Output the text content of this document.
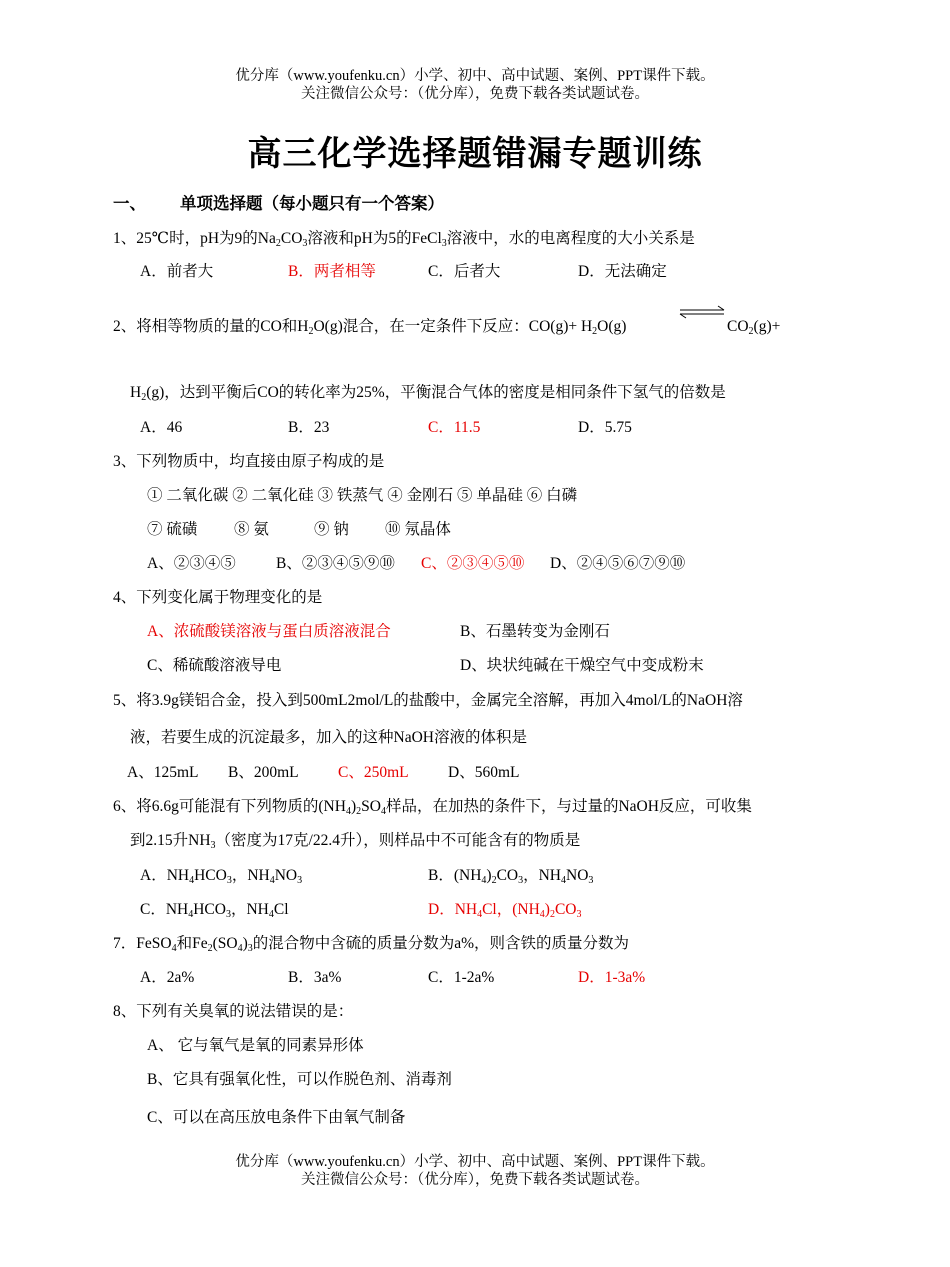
优分库（www.youfenku.cn）小学、初中、高中试题、案例、PPT课件下载。
关注微信公众号：（优分库），免费下载各类试题试卷。
高三化学选择题错漏专题训练
一、 单项选择题（每小题只有一个答案）
1、25℃时，pH为9的$Na_2CO_3$溶液和pH为5的FeCl$_3$溶液中，水的电离程度的大小关系是
A．前者大	B．两者相等	C．后者大	D．无法确定
2、将相等物质的量的CO和$H_2O(g)$混合，在一定条件下反应：$CO(g)+ H_2O(g)$	$CO_2(g)+$
$H_2(g)$，达到平衡后CO的转化率为25%，平衡混合气体的密度是相同条件下氢气的倍数是
A．46	B．23	C．11.5	D．5.75
3、下列物质中，均直接由原子构成的是
① 二氧化碳 ② 二氧化硅 ③ 铁蒸气 ④ 金刚石 ⑤ 单晶硅 ⑥ 白磷
⑦ 硫磺 ⑧ 氨	⑨ 钠 ⑩ 氖晶体
A、②③④⑤	B、②③④⑤⑨⑩ C、②③④⑤⑩ D、②④⑤⑥⑦⑨⑩
4、下列变化属于物理变化的是
A、浓硫酸镁溶液与蛋白质溶液混合	B、石墨转变为金刚石
C、稀硫酸溶液导电	D、块状纯碱在干燥空气中变成粉末
5、将3.9g镁铝合金，投入到500mL2mol/L的盐酸中，金属完全溶解，再加入4mol/L的NaOH溶
液，若要生成的沉淀最多，加入的这种NaOH溶液的体积是
A、125mL B、200mL	C、250mL	D、560mL
6、将6.6g可能混有下列物质的$(NH_4)_2SO_4$样品，在加热的条件下，与过量的NaOH反应，可收集
到2.15升$NH_3$（密度为17克/22.4升），则样品中不可能含有的物质是
A．$NH_4HCO_3$，$NH_4NO_3$	B．$(NH_4)_2CO_3$，$NH_4NO_3$
C．$NH_4HCO_3$，$NH_4Cl$	D．$NH_4Cl$，$(NH_4)_2CO_3$
7．FeSO$_4$和$Fe_2(SO_4)_3$的混合物中含硫的质量分数为a%，则含铁的质量分数为
A．2a%	B．3a%	C．1-2a%	D．1-3a%
8、下列有关臭氧的说法错误的是：
A、 它与氧气是氧的同素异形体
B、它具有强氧化性，可以作脱色剂、消毒剂
C、可以在高压放电条件下由氧气制备
优分库（www.youfenku.cn）小学、初中、高中试题、案例、PPT课件下载。
关注微信公众号：（优分库），免费下载各类试题试卷。
